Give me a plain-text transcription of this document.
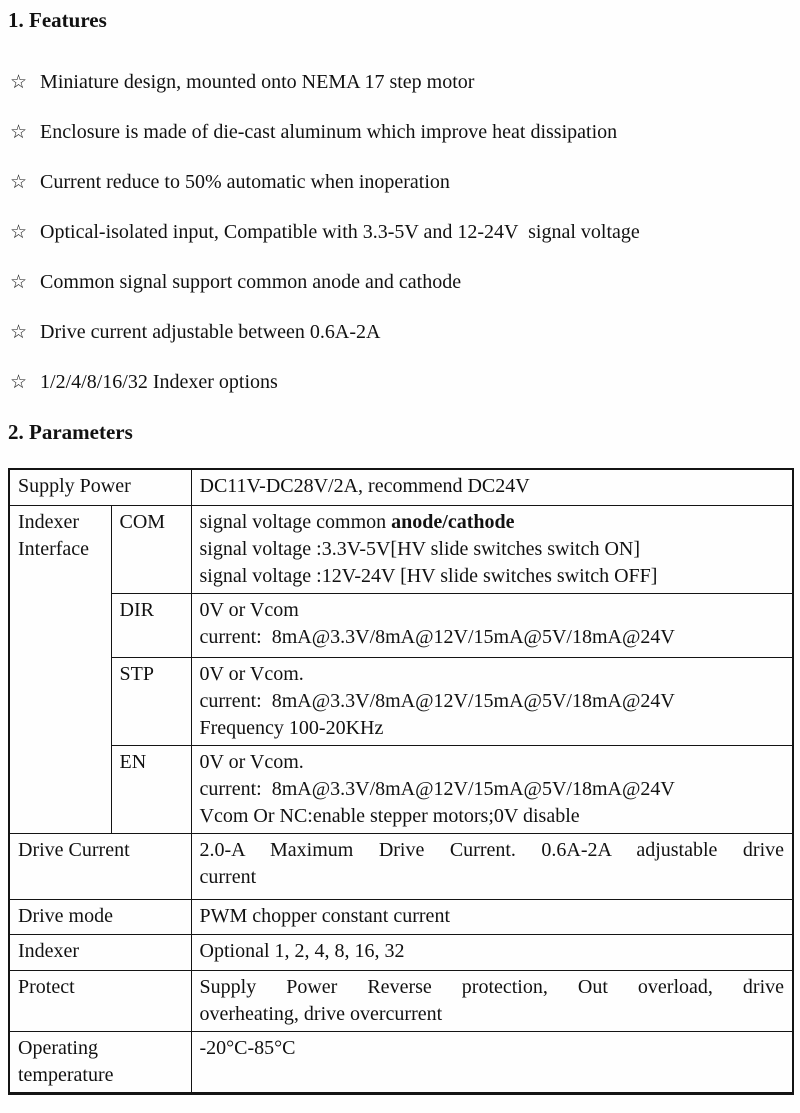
1. Features
☆ Miniature design, mounted onto NEMA 17 step motor
☆ Enclosure is made of die-cast aluminum which improve heat dissipation
☆ Current reduce to 50% automatic when inoperation
☆ Optical-isolated input, Compatible with 3.3-5V and 12-24V  signal voltage
☆ Common signal support common anode and cathode
☆ Drive current adjustable between 0.6A-2A
☆ 1/2/4/8/16/32 Indexer options
2. Parameters
Supply Power		DC11V-DC28V/2A, recommend DC24V

Indexer Interface	COM	signal voltage common anode/cathode
signal voltage :3.3V-5V[HV slide switches switch ON]
signal voltage :12V-24V [HV slide switches switch OFF]

	DIR	0V or Vcom
current:  8mA@3.3V/8mA@12V/15mA@5V/18mA@24V

	STP	0V or Vcom.
current:  8mA@3.3V/8mA@12V/15mA@5V/18mA@24V
Frequency 100-20KHz

	EN	0V or Vcom.
current:  8mA@3.3V/8mA@12V/15mA@5V/18mA@24V
Vcom Or NC:enable stepper motors;0V disable

Drive Current		2.0-A Maximum Drive Current. 0.6A-2A adjustable drive
current

Drive mode		PWM chopper constant current

Indexer		Optional 1, 2, 4, 8, 16, 32

Protect		Supply Power Reverse protection, Out overload, drive
overheating, drive overcurrent

Operating temperature		-20°C-85°C
